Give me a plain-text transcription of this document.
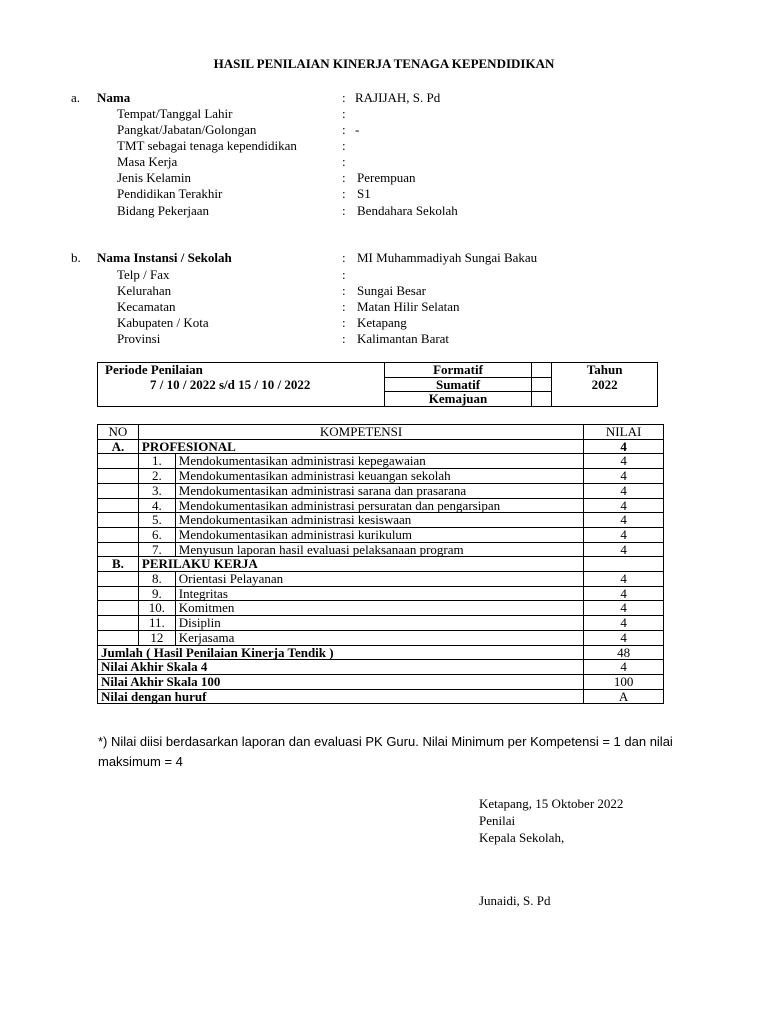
HASIL PENILAIAN KINERJA TENAGA KEPENDIDIKAN
a. Nama	: RAJIJAH, S. Pd
Tempat/Tanggal Lahir	:
Pangkat/Jabatan/Golongan	: -
TMT sebagai tenaga kependidikan	:
Masa Kerja	:
Jenis Kelamin	: Perempuan
Pendidikan Terakhir	: S1
Bidang Pekerjaan	: Bendahara Sekolah
b. Nama Instansi / Sekolah	: MI Muhammadiyah Sungai Bakau
Telp / Fax	:
Kelurahan	: Sungai Besar
Kecamatan	: Matan Hilir Selatan
Kabupaten / Kota	: Ketapang
Provinsi	: Kalimantan Barat
Periode Penilaian	Formatif		Tahun
7 / 10 / 2022 s/d 15 / 10 / 2022	Sumatif		2022
	Kemajuan		
NO	KOMPETENSI		NILAI
A.	PROFESIONAL		4
	1.	Mendokumentasikan administrasi kepegawaian	4
	2.	Mendokumentasikan administrasi keuangan sekolah	4
	3.	Mendokumentasikan administrasi sarana dan prasarana	4
	4.	Mendokumentasikan administrasi persuratan dan pengarsipan	4
	5.	Mendokumentasikan administrasi kesiswaan	4
	6.	Mendokumentasikan administrasi kurikulum	4
	7.	Menyusun laporan hasil evaluasi pelaksanaan program	4
B.	PERILAKU KERJA		
	8.	Orientasi Pelayanan	4
	9.	Integritas	4
	10.	Komitmen	4
	11.	Disiplin	4
	12	Kerjasama	4
Jumlah ( Hasil Penilaian Kinerja Tendik )			48
Nilai Akhir Skala 4			4
Nilai Akhir Skala 100			100
Nilai dengan huruf			A
*) Nilai diisi berdasarkan laporan dan evaluasi PK Guru. Nilai Minimum per Kompetensi = 1 dan nilai maksimum = 4
Ketapang, 15 Oktober 2022
Penilai
Kepala Sekolah,
Junaidi, S. Pd
